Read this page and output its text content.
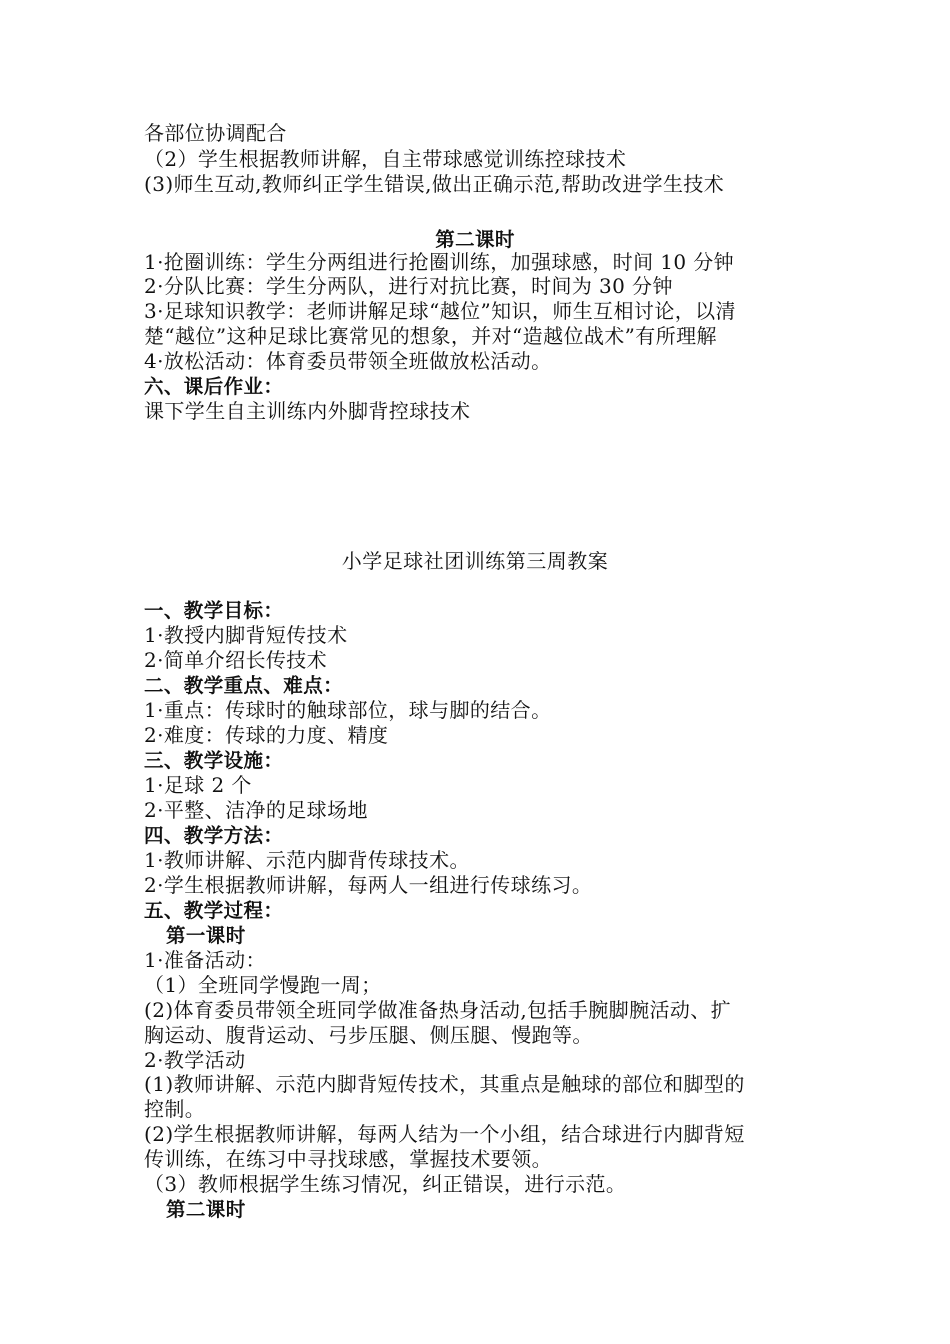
各部位协调配合
（2）学生根据教师讲解，自主带球感觉训练控球技术
(3)师生互动,教师纠正学生错误,做出正确示范,帮助改进学生技术
第二课时
1·抢圈训练：学生分两组进行抢圈训练，加强球感，时间 10 分钟
2·分队比赛：学生分两队，进行对抗比赛，时间为 30 分钟
3·足球知识教学：老师讲解足球“越位”知识，师生互相讨论，以清
楚“越位”这种足球比赛常见的想象，并对“造越位战术”有所理解
4·放松活动：体育委员带领全班做放松活动。
六、课后作业：
课下学生自主训练内外脚背控球技术
小学足球社团训练第三周教案
一、教学目标：
1·教授内脚背短传技术
2·简单介绍长传技术
二、教学重点、难点：
1·重点：传球时的触球部位，球与脚的结合。
2·难度：传球的力度、精度
三、教学设施：
1·足球 2 个
2·平整、洁净的足球场地
四、教学方法：
1·教师讲解、示范内脚背传球技术。
2·学生根据教师讲解，每两人一组进行传球练习。
五、教学过程：
第一课时
1·准备活动：
（1）全班同学慢跑一周；
(2)体育委员带领全班同学做准备热身活动,包括手腕脚腕活动、扩
胸运动、腹背运动、弓步压腿、侧压腿、慢跑等。
2·教学活动
(1)教师讲解、示范内脚背短传技术，其重点是触球的部位和脚型的
控制。
(2)学生根据教师讲解，每两人结为一个小组，结合球进行内脚背短
传训练，在练习中寻找球感，掌握技术要领。
（3）教师根据学生练习情况，纠正错误，进行示范。
第二课时
